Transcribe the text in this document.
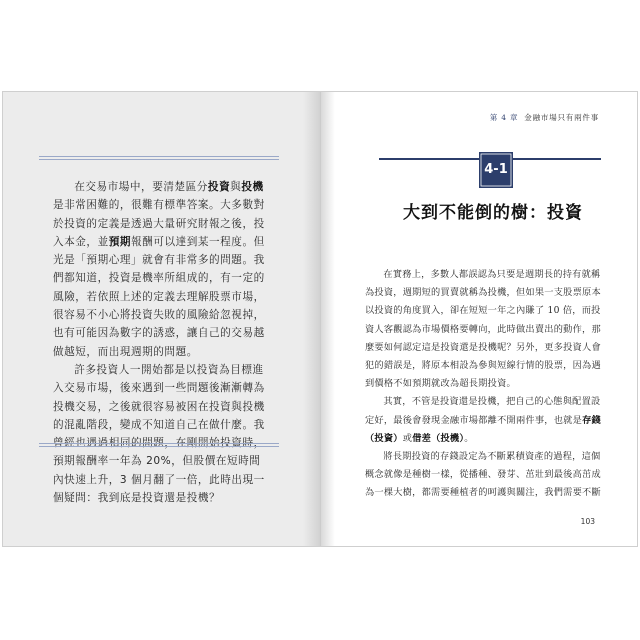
在交易市場中，要清楚區分投資與投機是非常困難的，很難有標準答案。大多數對於投資的定義是透過大量研究財報之後，投入本金，並預期報酬可以達到某一程度。但光是「預期心理」就會有非常多的問題。我們都知道，投資是機率所組成的，有一定的風險，若依照上述的定義去理解股票市場，很容易不小心將投資失敗的風險給忽視掉，也有可能因為數字的誘惑，讓自己的交易越做越短，而出現週期的問題。

許多投資人一開始都是以投資為目標進入交易市場，後來遇到一些問題後漸漸轉為投機交易，之後就很容易被困在投資與投機的混亂階段，變成不知道自己在做什麼。我曾經也遇過相同的問題，在剛開始投資時，預期報酬率一年為 20%，但股價在短時間內快速上升，3 個月翻了一倍，此時出現一個疑問：我到底是投資還是投機？

第 4 章 金融市場只有兩件事
4-1
大到不能倒的樹：投資

在實務上，多數人都誤認為只要是週期長的持有就稱為投資，週期短的買賣就稱為投機，但如果一支股票原本以投資的角度買入，卻在短短一年之內賺了 10 倍，而投資人客觀認為市場價格要轉向，此時做出賣出的動作，那麼要如何認定這是投資還是投機呢？另外，更多投資人會犯的錯誤是，將原本相設為參與短線行情的股票，因為遇到價格不如預期就改為超長期投資。

其實，不管是投資還是投機，把自己的心態與配置設定好，最後會發現金融市場都離不開兩件事，也就是存錢（投資）或借差（投機）。

將長期投資的存錢設定為不斷累積資產的過程，這個概念就像是種樹一樣，從播種、發芽、茁壯到最後高茁成為一棵大樹，都需要種植者的呵護與關注，我們需要不斷

103
